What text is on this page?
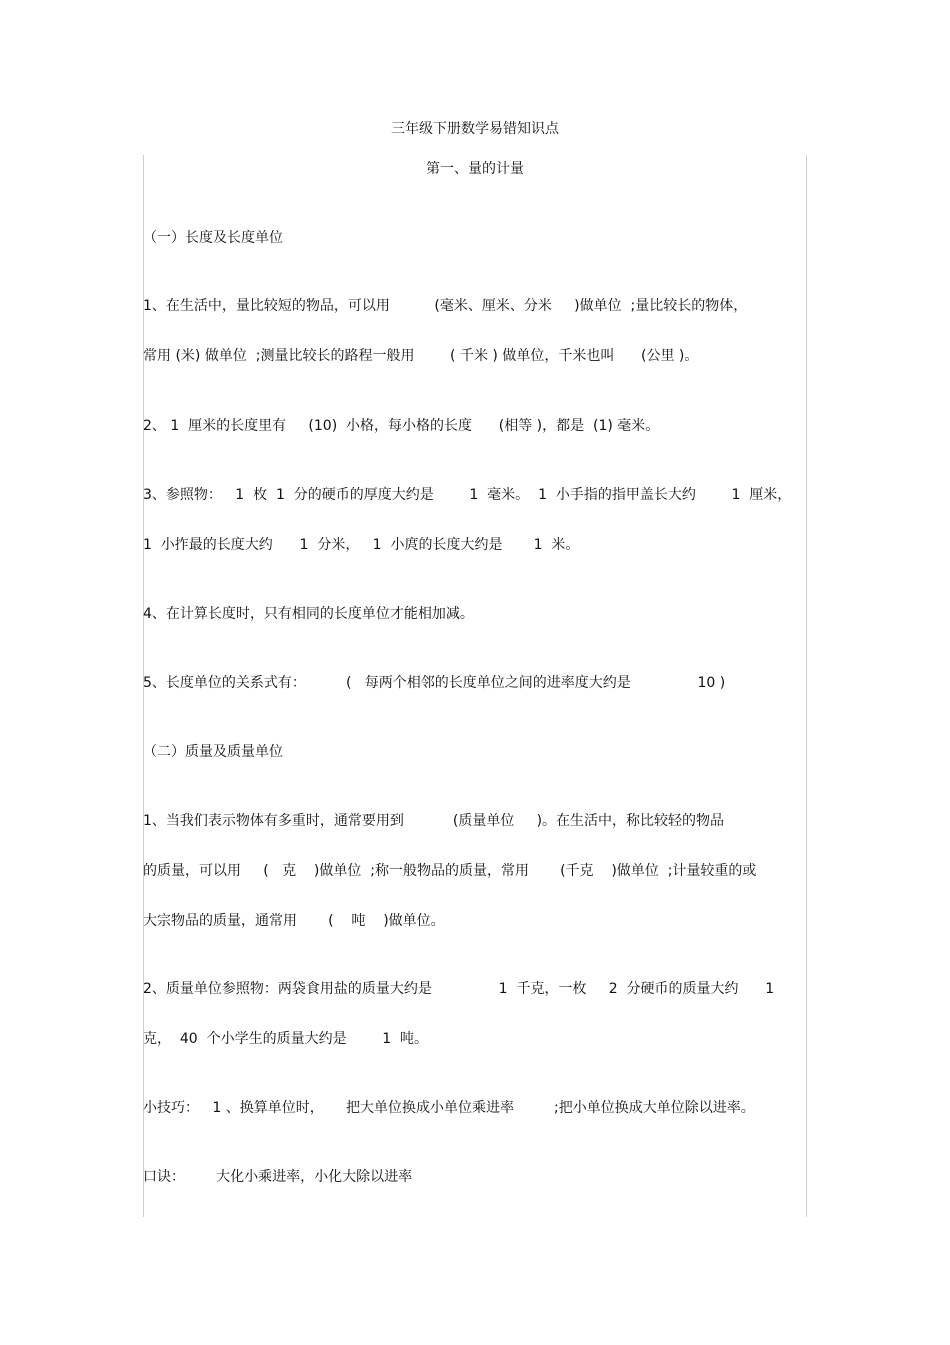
三年级下册数学易错知识点
第一、量的计量
（一）长度及长度单位
1、在生活中，量比较短的物品，可以用          (毫米、厘米、分米     )做单位  ;量比较长的物体，
常用 (米) 做单位  ;测量比较长的路程一般用        ( 千米 ) 做单位，千米也叫      (公里 )。
2、 1  厘米的长度里有     (10)  小格，每小格的长度      (相等 )，都是  (1) 毫米。
3、参照物：   1  枚  1  分的硬币的厚度大约是        1  毫米。  1  小手指的指甲盖长大约        1  厘米，
1  小拃最的长度大约      1  分米，   1  小庹的长度大约是       1  米。
4、在计算长度时，只有相同的长度单位才能相加减。
5、长度单位的关系式有：         (   每两个相邻的长度单位之间的进率度大约是               10 )
（二）质量及质量单位
1、当我们表示物体有多重时，通常要用到           (质量单位     )。在生活中，称比较轻的物品
的质量，可以用     (   克    )做单位  ;称一般物品的质量，常用       (千克    )做单位  ;计量较重的或
大宗物品的质量，通常用       (    吨    )做单位。
2、质量单位参照物：两袋食用盐的质量大约是               1  千克，一枚     2  分硬币的质量大约      1
克，  40  个小学生的质量大约是        1  吨。
小技巧：   1 、换算单位时，     把大单位换成小单位乘进率         ;把小单位换成大单位除以进率。
口诀：       大化小乘进率，小化大除以进率
